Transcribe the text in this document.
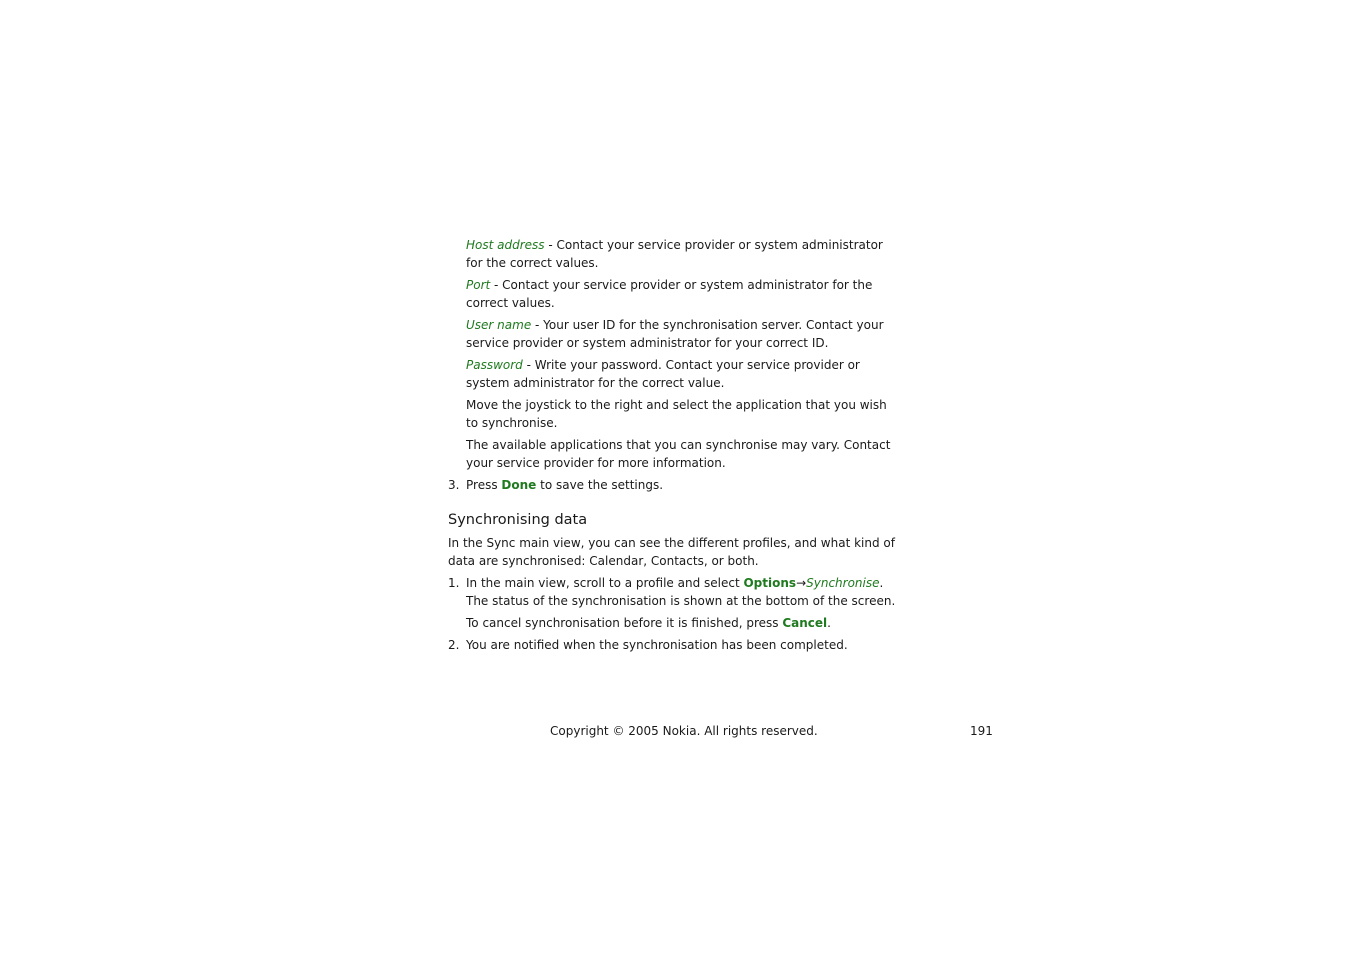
Host address - Contact your service provider or system administrator for the correct values.

Port - Contact your service provider or system administrator for the correct values.

User name - Your user ID for the synchronisation server. Contact your service provider or system administrator for your correct ID.

Password - Write your password. Contact your service provider or system administrator for the correct value.

Move the joystick to the right and select the application that you wish to synchronise.

The available applications that you can synchronise may vary. Contact your service provider for more information.

3. Press Done to save the settings.
Synchronising data

In the Sync main view, you can see the different profiles, and what kind of data are synchronised: Calendar, Contacts, or both.

1. In the main view, scroll to a profile and select Options→Synchronise. The status of the synchronisation is shown at the bottom of the screen.

To cancel synchronisation before it is finished, press Cancel.

2. You are notified when the synchronisation has been completed.
Copyright © 2005 Nokia. All rights reserved.	191
